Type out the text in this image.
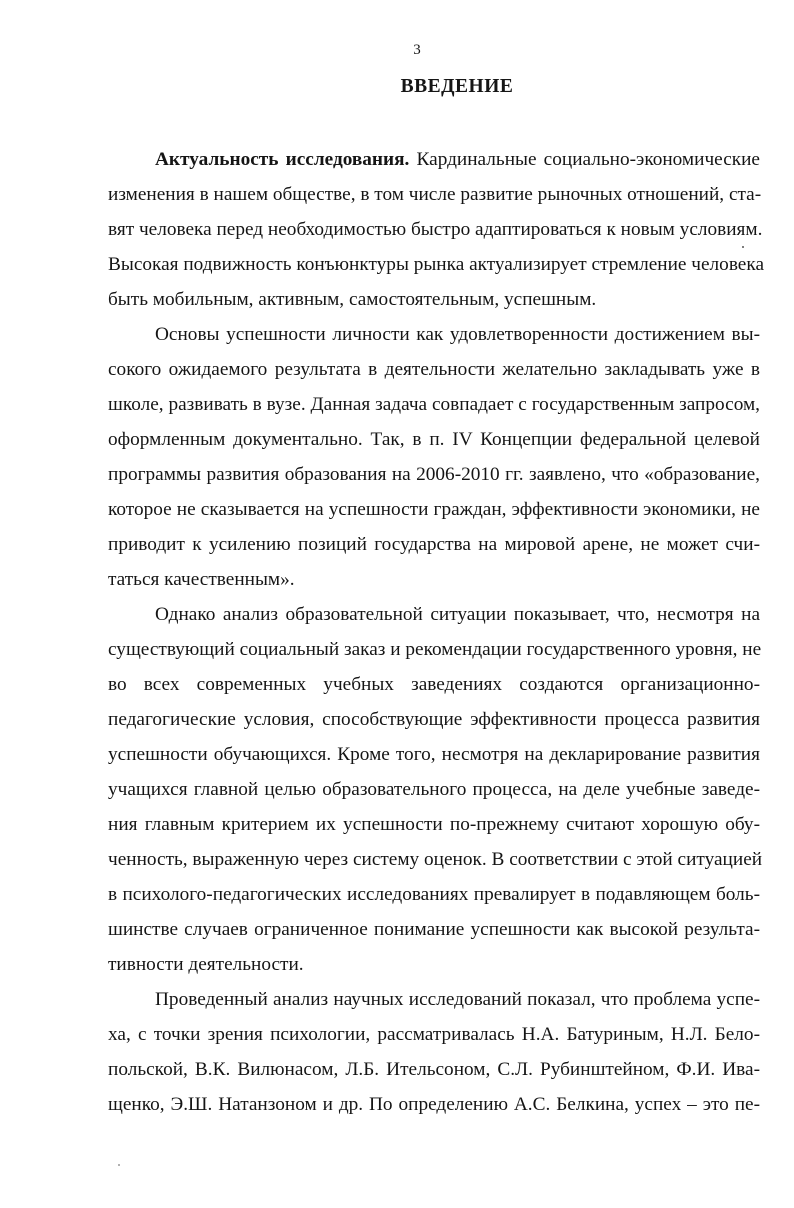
3
ВВЕДЕНИЕ
Актуальность исследования. Кардинальные социально-экономические
изменения в нашем обществе, в том числе развитие рыночных отношений, ста-
вят человека перед необходимостью быстро адаптироваться к новым условиям.
Высокая подвижность конъюнктуры рынка актуализирует стремление человека
быть мобильным, активным, самостоятельным, успешным.
Основы успешности личности как удовлетворенности достижением вы-
сокого ожидаемого результата в деятельности желательно закладывать уже в
школе, развивать в вузе. Данная задача совпадает с государственным запросом,
оформленным документально. Так, в п. IV Концепции федеральной целевой
программы развития образования на 2006-2010 гг. заявлено, что «образование,
которое не сказывается на успешности граждан, эффективности экономики, не
приводит к усилению позиций государства на мировой арене, не может счи-
таться качественным».
Однако анализ образовательной ситуации показывает, что, несмотря на
существующий социальный заказ и рекомендации государственного уровня, не
во всех современных учебных заведениях создаются организационно-
педагогические условия, способствующие эффективности процесса развития
успешности обучающихся. Кроме того, несмотря на декларирование развития
учащихся главной целью образовательного процесса, на деле учебные заведе-
ния главным критерием их успешности по-прежнему считают хорошую обу-
ченность, выраженную через систему оценок. В соответствии с этой ситуацией
в психолого-педагогических исследованиях превалирует в подавляющем боль-
шинстве случаев ограниченное понимание успешности как высокой результа-
тивности деятельности.
Проведенный анализ научных исследований показал, что проблема успе-
ха, с точки зрения психологии, рассматривалась Н.А. Батуриным, Н.Л. Бело-
польской, В.К. Вилюнасом, Л.Б. Ительсоном, С.Л. Рубинштейном, Ф.И. Ива-
щенко, Э.Ш. Натанзоном и др. По определению А.С. Белкина, успех – это пе-
